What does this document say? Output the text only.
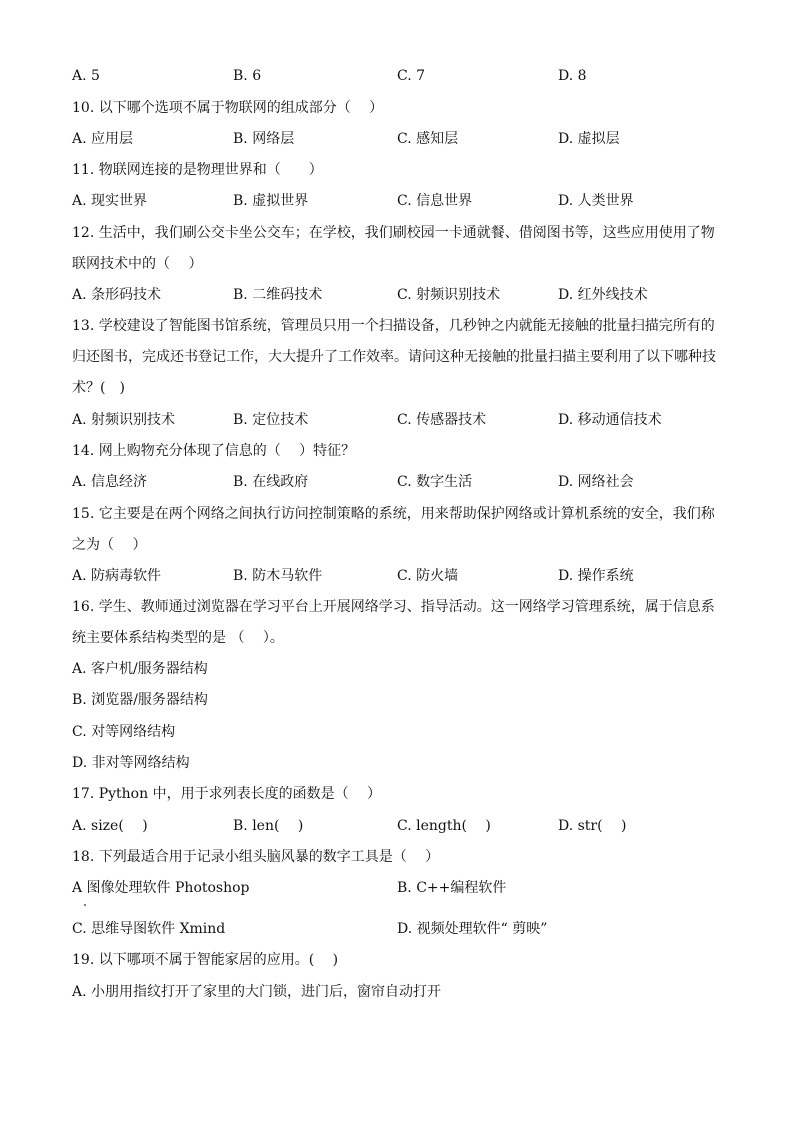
A. 5	B. 6	C. 7	D. 8
10. 以下哪个选项不属于物联网的组成部分（　 ）
A. 应用层	B. 网络层	C. 感知层	D. 虚拟层
11. 物联网连接的是物理世界和（　　）
A. 现实世界	B. 虚拟世界	C. 信息世界	D. 人类世界
12. 生活中，我们刷公交卡坐公交车；在学校，我们刷校园一卡通就餐、借阅图书等，这些应用使用了物
联网技术中的（　 ）
A. 条形码技术	B. 二维码技术	C. 射频识别技术	D. 红外线技术
13. 学校建设了智能图书馆系统，管理员只用一个扫描设备，几秒钟之内就能无接触的批量扫描完所有的
归还图书，完成还书登记工作，大大提升了工作效率。请问这种无接触的批量扫描主要利用了以下哪种技
术？(　)
A. 射频识别技术	B. 定位技术	C. 传感器技术	D. 移动通信技术
14. 网上购物充分体现了信息的（　 ）特征？
A. 信息经济	B. 在线政府	C. 数字生活	D. 网络社会
15. 它主要是在两个网络之间执行访问控制策略的系统，用来帮助保护网络或计算机系统的安全，我们称
之为（　 ）
A. 防病毒软件	B. 防木马软件	C. 防火墙	D. 操作系统
16. 学生、教师通过浏览器在学习平台上开展网络学习、指导活动。这一网络学习管理系统，属于信息系
统主要体系结构类型的是 （　 ）。
A. 客户机/服务器结构
B. 浏览器/服务器结构
C. 对等网络结构
D. 非对等网络结构
17. Python 中，用于求列表长度的函数是（　 ）
A. size(　 )	B. len(　 )	C. length(　 )	D. str(　 )
18. 下列最适合用于记录小组头脑风暴的数字工具是（　 ）
A 图像处理软件 Photoshop	B. C++编程软件
C. 思维导图软件 Xmind	D. 视频处理软件“ 剪映”
19. 以下哪项不属于智能家居的应用。(　 )
A. 小朋用指纹打开了家里的大门锁，进门后，窗帘自动打开
